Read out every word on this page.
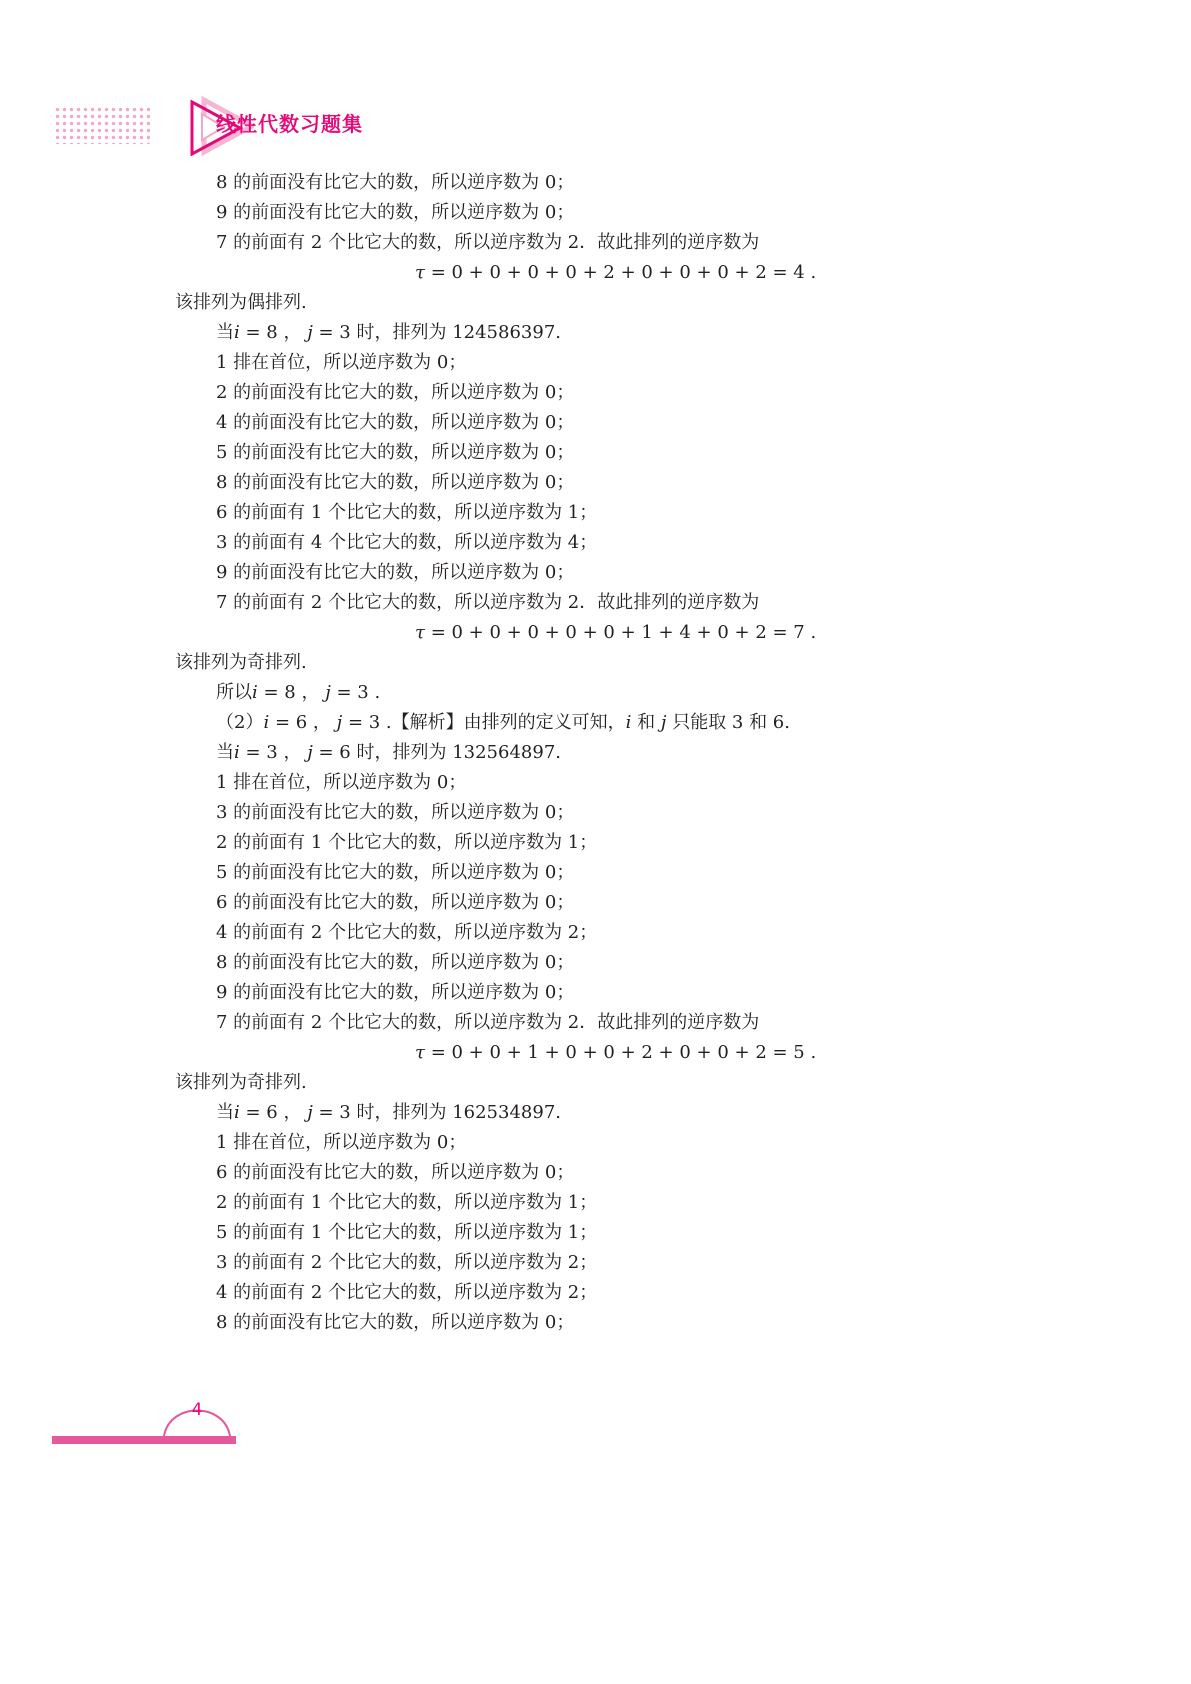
线性代数习题集
8 的前面没有比它大的数，所以逆序数为 0；
9 的前面没有比它大的数，所以逆序数为 0；
7 的前面有 2 个比它大的数，所以逆序数为 2．故此排列的逆序数为
τ = 0 + 0 + 0 + 0 + 2 + 0 + 0 + 0 + 2 = 4 .
该排列为偶排列.
当i = 8 ， j = 3 时，排列为 124586397.
1 排在首位，所以逆序数为 0；
2 的前面没有比它大的数，所以逆序数为 0；
4 的前面没有比它大的数，所以逆序数为 0；
5 的前面没有比它大的数，所以逆序数为 0；
8 的前面没有比它大的数，所以逆序数为 0；
6 的前面有 1 个比它大的数，所以逆序数为 1；
3 的前面有 4 个比它大的数，所以逆序数为 4；
9 的前面没有比它大的数，所以逆序数为 0；
7 的前面有 2 个比它大的数，所以逆序数为 2．故此排列的逆序数为
τ = 0 + 0 + 0 + 0 + 0 + 1 + 4 + 0 + 2 = 7 .
该排列为奇排列.
所以i = 8 ， j = 3 .
（2）i = 6 ， j = 3 .【解析】由排列的定义可知，i 和 j 只能取 3 和 6.
当i = 3 ， j = 6 时，排列为 132564897.
1 排在首位，所以逆序数为 0；
3 的前面没有比它大的数，所以逆序数为 0；
2 的前面有 1 个比它大的数，所以逆序数为 1；
5 的前面没有比它大的数，所以逆序数为 0；
6 的前面没有比它大的数，所以逆序数为 0；
4 的前面有 2 个比它大的数，所以逆序数为 2；
8 的前面没有比它大的数，所以逆序数为 0；
9 的前面没有比它大的数，所以逆序数为 0；
7 的前面有 2 个比它大的数，所以逆序数为 2．故此排列的逆序数为
τ = 0 + 0 + 1 + 0 + 0 + 2 + 0 + 0 + 2 = 5 .
该排列为奇排列.
当i = 6 ， j = 3 时，排列为 162534897.
1 排在首位，所以逆序数为 0；
6 的前面没有比它大的数，所以逆序数为 0；
2 的前面有 1 个比它大的数，所以逆序数为 1；
5 的前面有 1 个比它大的数，所以逆序数为 1；
3 的前面有 2 个比它大的数，所以逆序数为 2；
4 的前面有 2 个比它大的数，所以逆序数为 2；
8 的前面没有比它大的数，所以逆序数为 0；
4
